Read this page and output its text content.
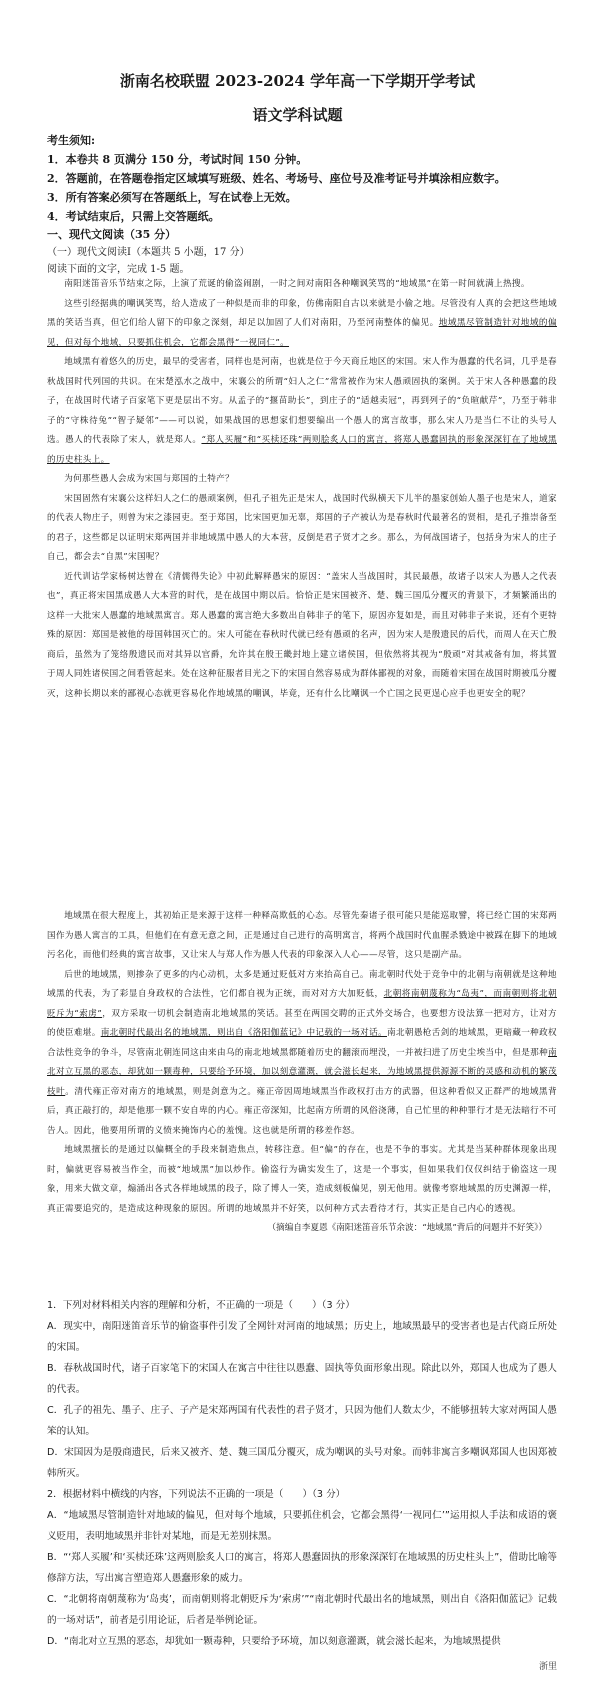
浙南名校联盟 2023-2024 学年高一下学期开学考试
语文学科试题
考生须知:
1．本卷共 8 页满分 150 分，考试时间 150 分钟。
2．答题前，在答题卷指定区域填写班级、姓名、考场号、座位号及准考证号并填涂相应数字。
3．所有答案必须写在答题纸上，写在试卷上无效。
4．考试结束后，只需上交答题纸。
一、现代文阅读（35 分）
（一）现代文阅读Ⅰ（本题共 5 小题，17 分）
阅读下面的文字，完成 1-5 题。

南阳迷笛音乐节结束之际，上演了荒诞的偷盗闹剧，一时之间对南阳各种嘲讽笑骂的“地域黑”在第一时间就满上热搜。

这些引经据典的嘲讽笑骂，给人造成了一种似是而非的印象，仿佛南阳自古以来就是小偷之地。尽管没有人真的会把这些地域黑的笑话当真，但它们给人留下的印象之深刻，却足以加固了人们对南阳，乃至河南整体的偏见。地域黑尽管制造针对地域的偏见，但对每个地域，只要抓住机会，它都会黑得“一视同仁”。

地域黑有着悠久的历史，最早的受害者，同样也是河南，也就是位于今天商丘地区的宋国。宋人作为愚蠢的代名词，几乎是春秋战国时代列国的共识。在宋楚泓水之战中，宋襄公的所谓“妇人之仁”常常被作为宋人愚顽固执的案例。关于宋人各种愚蠢的段子，在战国时代诸子百家笔下更是层出不穷。从孟子的“揠苗助长”，到庄子的“适越卖冠”，再到列子的“负暄献芹”，乃至于韩非子的“守株待兔”“智子疑邻”——可以说，如果战国的思想家们想要编出一个愚人的寓言故事，那么宋人乃是当仁不让的头号人选。愚人的代表除了宋人，就是郑人。“郑人买履”和“买椟还珠”两则脍炙人口的寓言，将郑人愚蠢固执的形象深深钉在了地域黑的历史柱头上。

为何那些愚人会成为宋国与郑国的土特产？

宋国固然有宋襄公这样妇人之仁的愚顽案例，但孔子祖先正是宋人，战国时代纵横天下儿半的墨家创始人墨子也是宋人，道家的代表人物庄子，则曾为宋之漆园吏。至于郑国，比宋国更加无辜，郑国的子产被认为是春秋时代最著名的贤相，是孔子推崇备至的君子，这些都足以证明宋郑两国并非地域黑中愚人的大本营，反倒是君子贤才之乡。那么，为何战国诸子，包括身为宋人的庄子自己，都会去“自黑”宋国呢？

近代训诂学家杨树达曾在《清儒得失论》中初此解释愚宋的原因：“盖宋人当战国时，其民最愚，故诸子以宋人为愚人之代表也”，真正将宋国黑成愚人大本营的时代，是在战国中期以后。恰恰正是宋国被齐、楚、魏三国瓜分覆灭的背景下，才频繁涌出的这样一大批宋人愚蠢的地域黑寓言。郑人愚蠢的寓言绝大多数出自韩非子的笔下，原因亦复如是，而且对韩非子来说，还有个更特殊的原因：郑国是被他的母国韩国灭亡的。宋人可能在春秋时代就已经有愚顽的名声，因为宋人是殷遗民的后代，而周人在天亡殷商后，虽然为了笼络殷遗民而对其异以官爵，允许其在殷王畿封地上建立诸侯国，但依然将其视为“殷顽”对其戒备有加，将其置于周人同姓诸侯国之间看管起来。处在这种征服者目光之下的宋国自然容易成为群体鄙视的对象，而随着宋国在战国时期被瓜分覆灭，这种长期以来的鄙视心态就更容易化作地域黑的嘲讽，毕竟，还有什么比嘲讽一个亡国之民更逞心应手也更安全的呢？

地域黑在很大程度上，其初始正是来源于这样一种释高欺低的心态。尽管先秦诸子很可能只是能巡取譬，将已经亡国的宋郑两国作为愚人寓言的工具，但他们在有意无意之间，正是通过自己进行的高明寓言，将两个战国时代血腥杀戮途中被踩在脚下的地域污名化，而他们经典的寓言故事，又让宋人与郑人作为愚人代表的印象深入人心——尽管，这只是副产品。

后世的地域黑，则掺杂了更多的内心动机，太多是通过贬低对方来抬高自己。南北朝时代处于竞争中的北朝与南朝就是这种地域黑的代表，为了彩显自身政权的合法性，它们都自视为正统，而对对方大加贬低，北朝将南朝蔑称为“岛夷”，而南朝则将北朝贬斥为“索虏”，双方采取一切机会制造南北地域黑的笑话。甚至在两国交聘的正式外交场合，也要想方设法算一把对方，让对方的使臣难堪。南北朝时代最出名的地域黑，则出自《洛阳伽蓝记》中记载的一场对话。南北朝愚枪舌剑的地域黑，更暗藏一种政权合法性竞争的争斗，尽管南北朝连同这由来由乌的南北地域黑都随着历史的翻滚而埋没，一并被扫进了历史尘埃当中，但是那种南北对立互黑的恶态，却犹如一颗毒种，只要给予环境，加以刻意灌溉，就会滋长起来，为地域黑提供源源不断的灵感和动机的繁茂枝叶。清代雍正帝对南方的地域黑，则是剑意为之。雍正帝因周地域黑当作政权打击方的武器，但这种看似又正群严的地域黑背后，真正敲打的，却是他那一颗不安自卑的内心。雍正帝深知，比起南方所谓的风俗浇薄，自己忙里的种种罪行才是无法暗行不可告人。因此，他要用所谓的义愤来掩饰内心的羞愧。这也就是所谓的移差作怒。

地域黑擅长的是通过以偏概全的手段来制造焦点，转移注意。但“偏”的存在，也是不争的事实。尤其是当某种群体现象出现时，偏就更容易被当作全，而被“地域黑”加以炒作。偷盗行为确实发生了，这是一个事实，但如果我们仅仅纠结于偷盗这一现象，用来大做文章，煽涌出各式各样地域黑的段子，除了博人一笑，造成刻板偏见，别无他用。就像考察地域黑的历史渊源一样，真正需要追究的，是造成这种现象的原因。所谓的地域黑并不好笑，以何种方式去看待才行，其实正是自己内心的透视。

（摘编自李夏恩《南阳迷笛音乐节余波：“地域黑”背后的问题并不好笑》）
1．下列对材料相关内容的理解和分析，不正确的一项是（　　）（3 分）
A．现实中，南阳迷笛音乐节的偷盗事件引发了全网针对河南的地域黑；历史上，地域黑最早的受害者也是古代商丘所处的宋国。
B．春秋战国时代，诸子百家笔下的宋国人在寓言中往往以愚蠢、固执等负面形象出现。除此以外，郑国人也成为了愚人的代表。
C．孔子的祖先、墨子、庄子、子产是宋郑两国有代表性的君子贤才，只因为他们人数太少，不能够扭转大家对两国人愚笨的认知。
D．宋国因为是殷商遗民，后来又被齐、楚、魏三国瓜分覆灭，成为嘲讽的头号对象。而韩非寓言多嘲讽郑国人也因郑被韩所灭。
2．根据材料中横线的内容，下列说法不正确的一项是（　　）（3 分）
A．“地域黑尽管制造针对地域的偏见，但对每个地域，只要抓住机会，它都会黑得‘一视同仁’”运用拟人手法和成语的褒义贬用，表明地域黑并非针对某地，而是无差别抹黑。
B．“‘郑人买履’和‘买椟还珠’这两则脍炙人口的寓言，将郑人愚蠢固执的形象深深钉在地域黑的历史柱头上”，借助比喻等修辞方法，写出寓言塑造郑人愚蠢形象的威力。
C．“北朝将南朝蔑称为‘岛夷’，而南朝则将北朝贬斥为‘索虏’”“南北朝时代最出名的地域黑，则出自《洛阳伽蓝记》记载的一场对话”，前者是引用论证，后者是举例论证。
D．“南北对立互黑的恶态，却犹如一颗毒种，只要给予环境，加以刻意灌溉，就会滋长起来，为地域黑提供
浙里
